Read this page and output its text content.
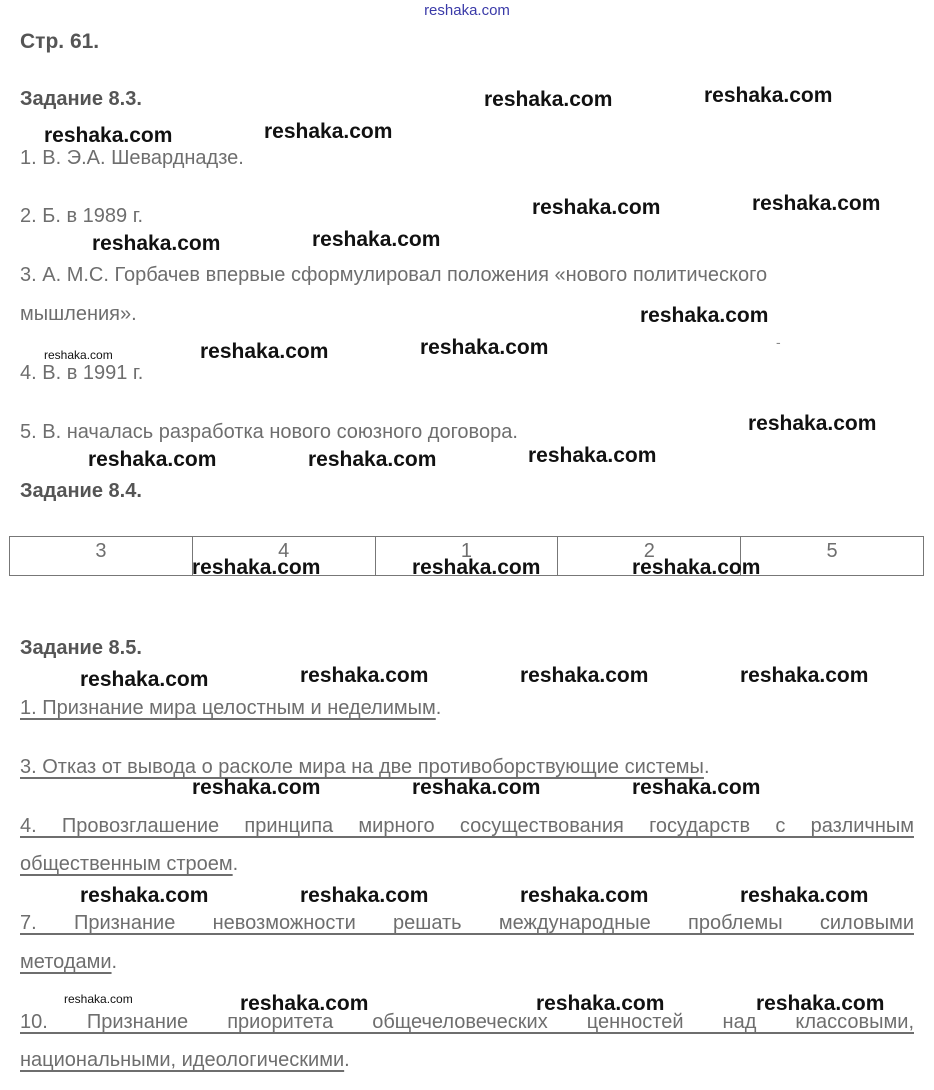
reshaka.com
Стр. 61.
Задание 8.3.
1. В. Э.А. Шеварднадзе.
2. Б. в 1989 г.
3. А. М.С. Горбачев впервые сформулировал положения «нового политического
мышления».
4. В. в 1991 г.
5. В. началась разработка нового союзного договора.
Задание 8.4.
3	4	1	2	5
Задание 8.5.
1. Признание мира целостным и неделимым.
3. Отказ от вывода о расколе мира на две противоборствующие системы.
4. Провозглашение принципа мирного сосуществования государств с различным
общественным строем.
7. Признание невозможности решать международные проблемы силовыми
методами.
10. Признание приоритета общечеловеческих ценностей над классовыми,
национальными, идеологическими.
-
reshaka.com	reshaka.com
reshaka.com	reshaka.com
reshaka.com	reshaka.com
reshaka.com	reshaka.com
reshaka.com
reshaka.com	reshaka.com	reshaka.com
reshaka.com
reshaka.com	reshaka.com	reshaka.com
reshaka.com	reshaka.com	reshaka.com
reshaka.com	reshaka.com	reshaka.com	reshaka.com
reshaka.com	reshaka.com	reshaka.com
reshaka.com	reshaka.com	reshaka.com	reshaka.com
reshaka.com	reshaka.com	reshaka.com	reshaka.com
